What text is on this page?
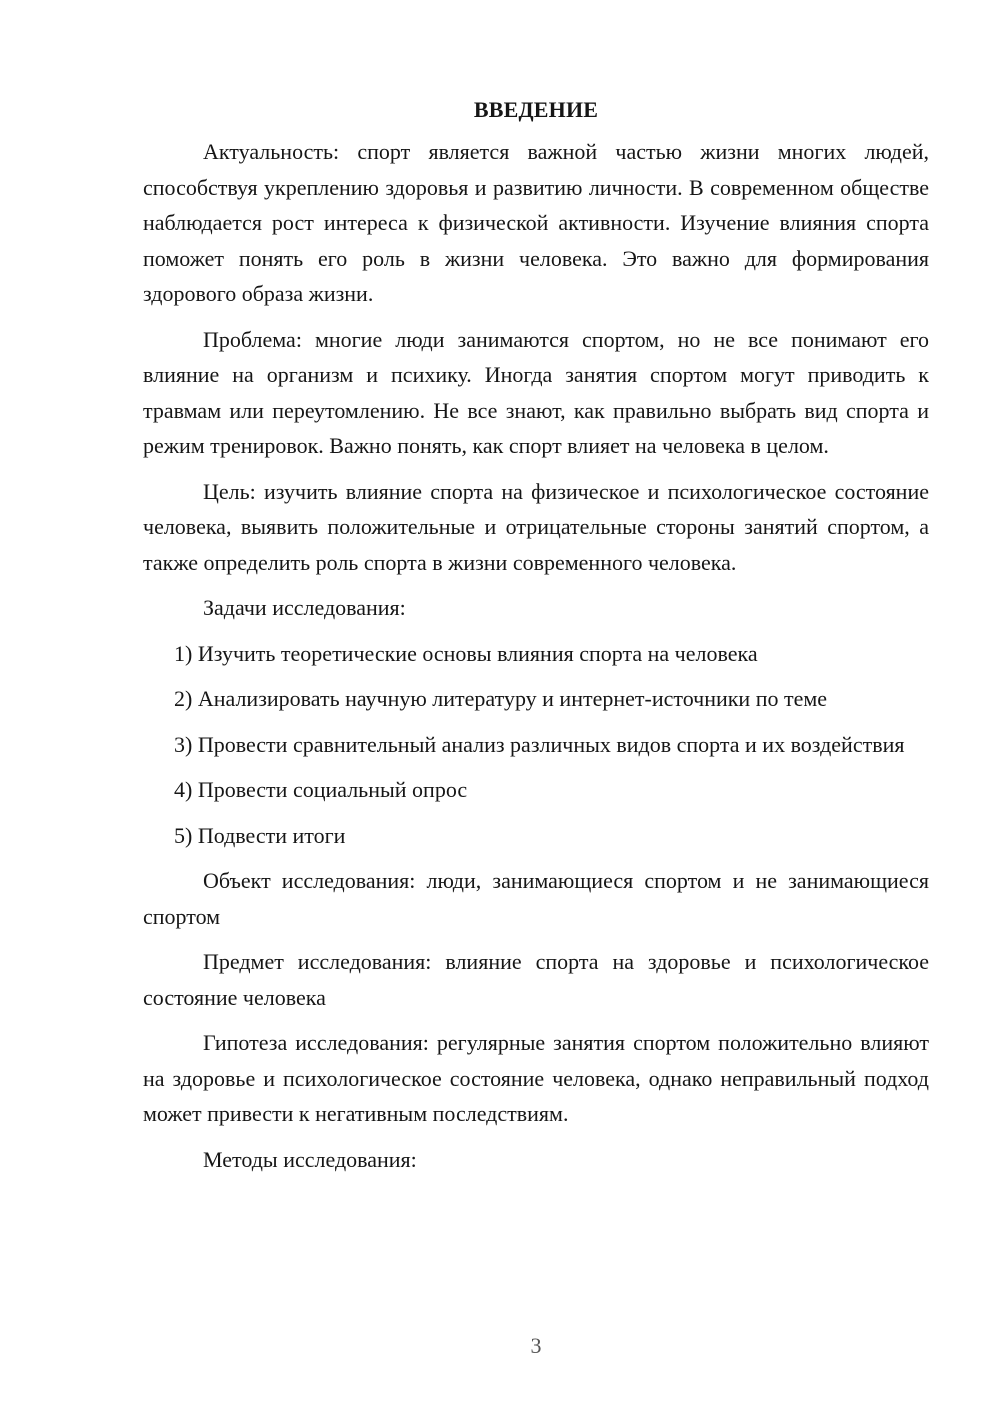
ВВЕДЕНИЕ

Актуальность: спорт является важной частью жизни многих людей, способствуя укреплению здоровья и развитию личности. В современном обществе наблюдается рост интереса к физической активности. Изучение влияния спорта поможет понять его роль в жизни человека. Это важно для формирования здорового образа жизни.

Проблема: многие люди занимаются спортом, но не все понимают его влияние на организм и психику. Иногда занятия спортом могут приводить к травмам или переутомлению. Не все знают, как правильно выбрать вид спорта и режим тренировок. Важно понять, как спорт влияет на человека в целом.

Цель: изучить влияние спорта на физическое и психологическое состояние человека, выявить положительные и отрицательные стороны занятий спортом, а также определить роль спорта в жизни современного человека.

Задачи исследования:

1) Изучить теоретические основы влияния спорта на человека

2) Анализировать научную литературу и интернет-источники по теме

3) Провести сравнительный анализ различных видов спорта и их воздействия

4) Провести социальный опрос

5) Подвести итоги

Объект исследования: люди, занимающиеся спортом и не занимающиеся спортом

Предмет исследования: влияние спорта на здоровье и психологическое состояние человека

Гипотеза исследования: регулярные занятия спортом положительно влияют на здоровье и психологическое состояние человека, однако неправильный подход может привести к негативным последствиям.

Методы исследования:

3
